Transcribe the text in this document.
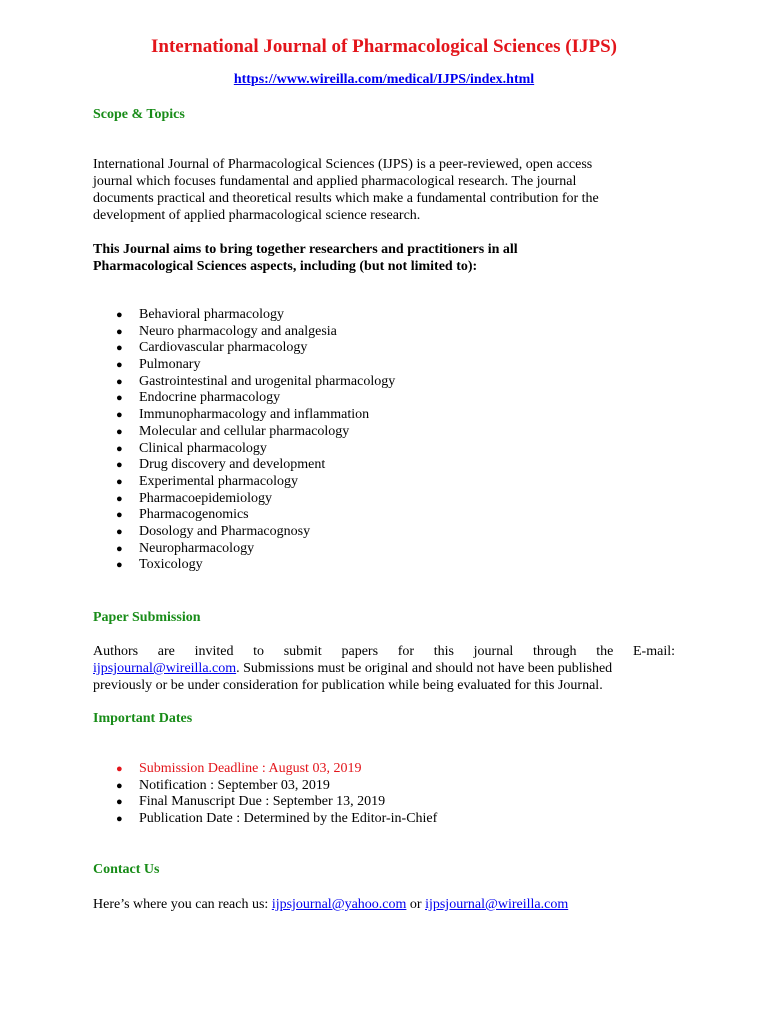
International Journal of Pharmacological Sciences (IJPS)
https://www.wireilla.com/medical/IJPS/index.html
Scope & Topics
International Journal of Pharmacological Sciences (IJPS) is a peer-reviewed, open access
journal which focuses fundamental and applied pharmacological research. The journal
documents practical and theoretical results which make a fundamental contribution for the
development of applied pharmacological science research.
This Journal aims to bring together researchers and practitioners in all
Pharmacological Sciences aspects, including (but not limited to):
● Behavioral pharmacology
● Neuro pharmacology and analgesia
● Cardiovascular pharmacology
● Pulmonary
● Gastrointestinal and urogenital pharmacology
● Endocrine pharmacology
● Immunopharmacology and inflammation
● Molecular and cellular pharmacology
● Clinical pharmacology
● Drug discovery and development
● Experimental pharmacology
● Pharmacoepidemiology
● Pharmacogenomics
● Dosology and Pharmacognosy
● Neuropharmacology
● Toxicology
Paper Submission
Authors are invited to submit papers for this journal through the E-mail:
ijpsjournal@wireilla.com. Submissions must be original and should not have been published
previously or be under consideration for publication while being evaluated for this Journal.
Important Dates
● Submission Deadline : August 03, 2019
● Notification : September 03, 2019
● Final Manuscript Due : September 13, 2019
● Publication Date : Determined by the Editor-in-Chief
Contact Us
Here’s where you can reach us: ijpsjournal@yahoo.com or ijpsjournal@wireilla.com
